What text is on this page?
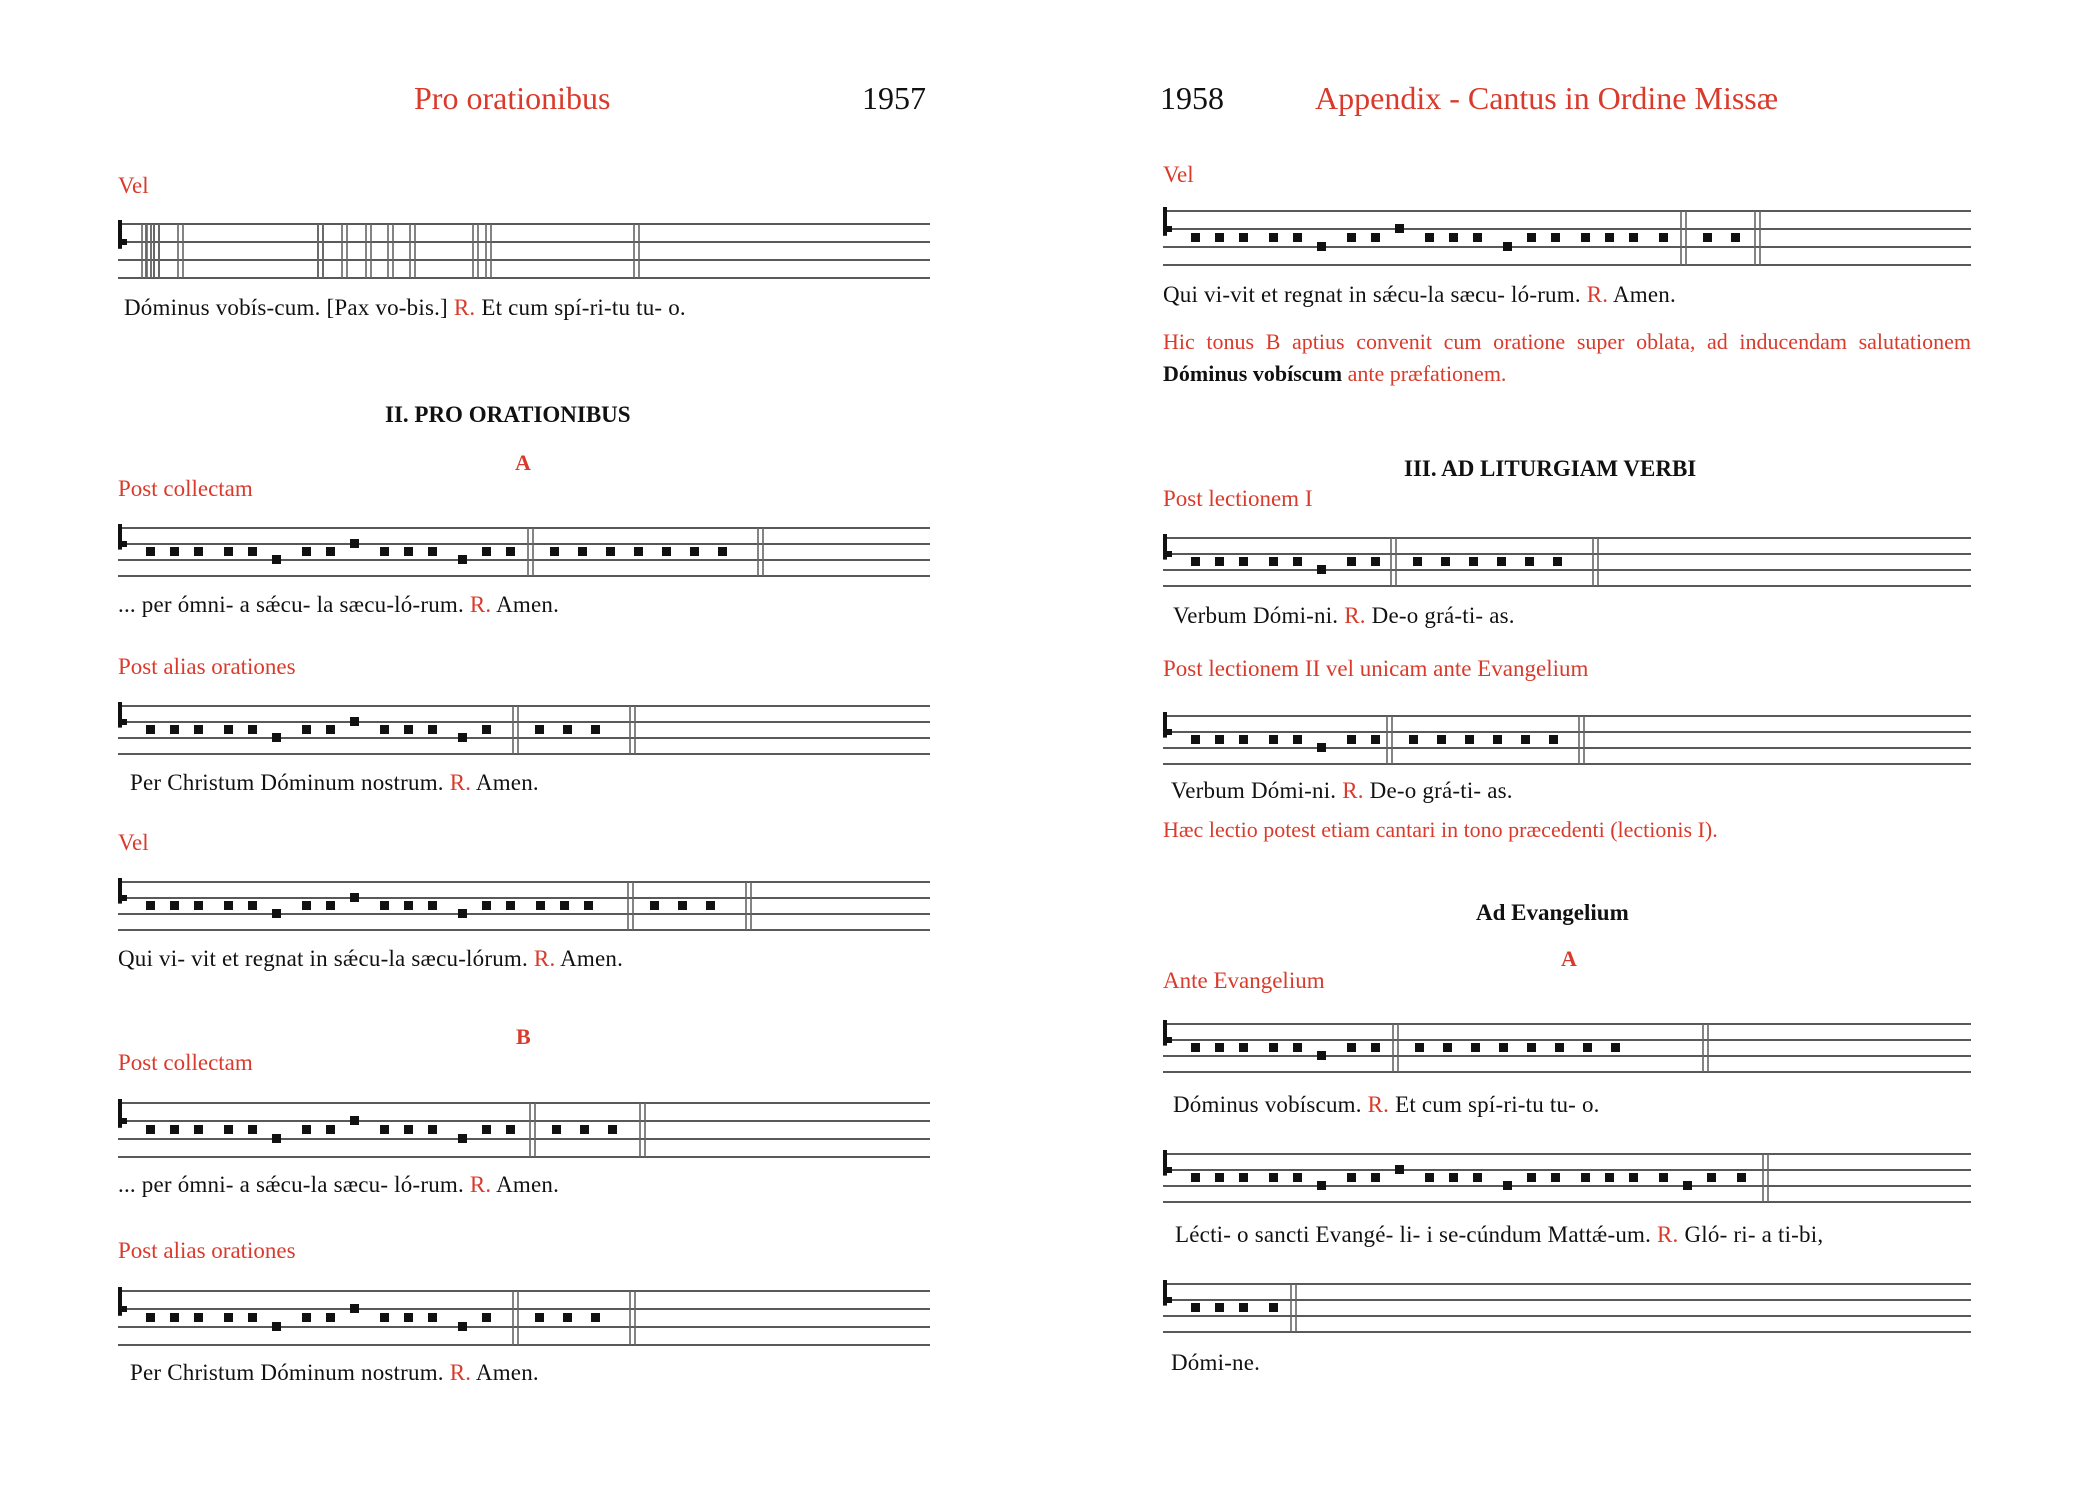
Pro orationibus	1957
Vel
Dóminus vobís-cum. [Pax vo-bis.] R. Et cum spí-ri-tu tu- o.
II. PRO ORATIONIBUS
A
Post collectam
... per ómni- a sǽcu- la sæcu-ló-rum. R. Amen.
Post alias orationes
Per Christum Dóminum nostrum. R. Amen.
Vel
Qui vi- vit et regnat in sǽcu-la sæcu-lórum. R. Amen.
B
Post collectam
... per ómni- a sǽcu-la sæcu- ló-rum. R. Amen.
Post alias orationes
Per Christum Dóminum nostrum. R. Amen.
1958	Appendix - Cantus in Ordine Missæ
Vel
Qui vi-vit et regnat in sǽcu-la sæcu- ló-rum. R. Amen.
Hic tonus B aptius convenit cum oratione super oblata, ad inducendam salutationem Dóminus vobíscum ante præfationem.
III. AD LITURGIAM VERBI
Post lectionem I
Verbum Dómi-ni. R. De-o grá-ti- as.
Post lectionem II vel unicam ante Evangelium
Verbum Dómi-ni. R. De-o grá-ti- as.
Hæc lectio potest etiam cantari in tono præcedenti (lectionis I).
Ad Evangelium
A
Ante Evangelium
Dóminus vobíscum. R. Et cum spí-ri-tu tu- o.
Lécti- o sancti Evangé- li- i se-cúndum Mattǽ-um. R. Gló- ri- a ti-bi,
Dómi-ne.
